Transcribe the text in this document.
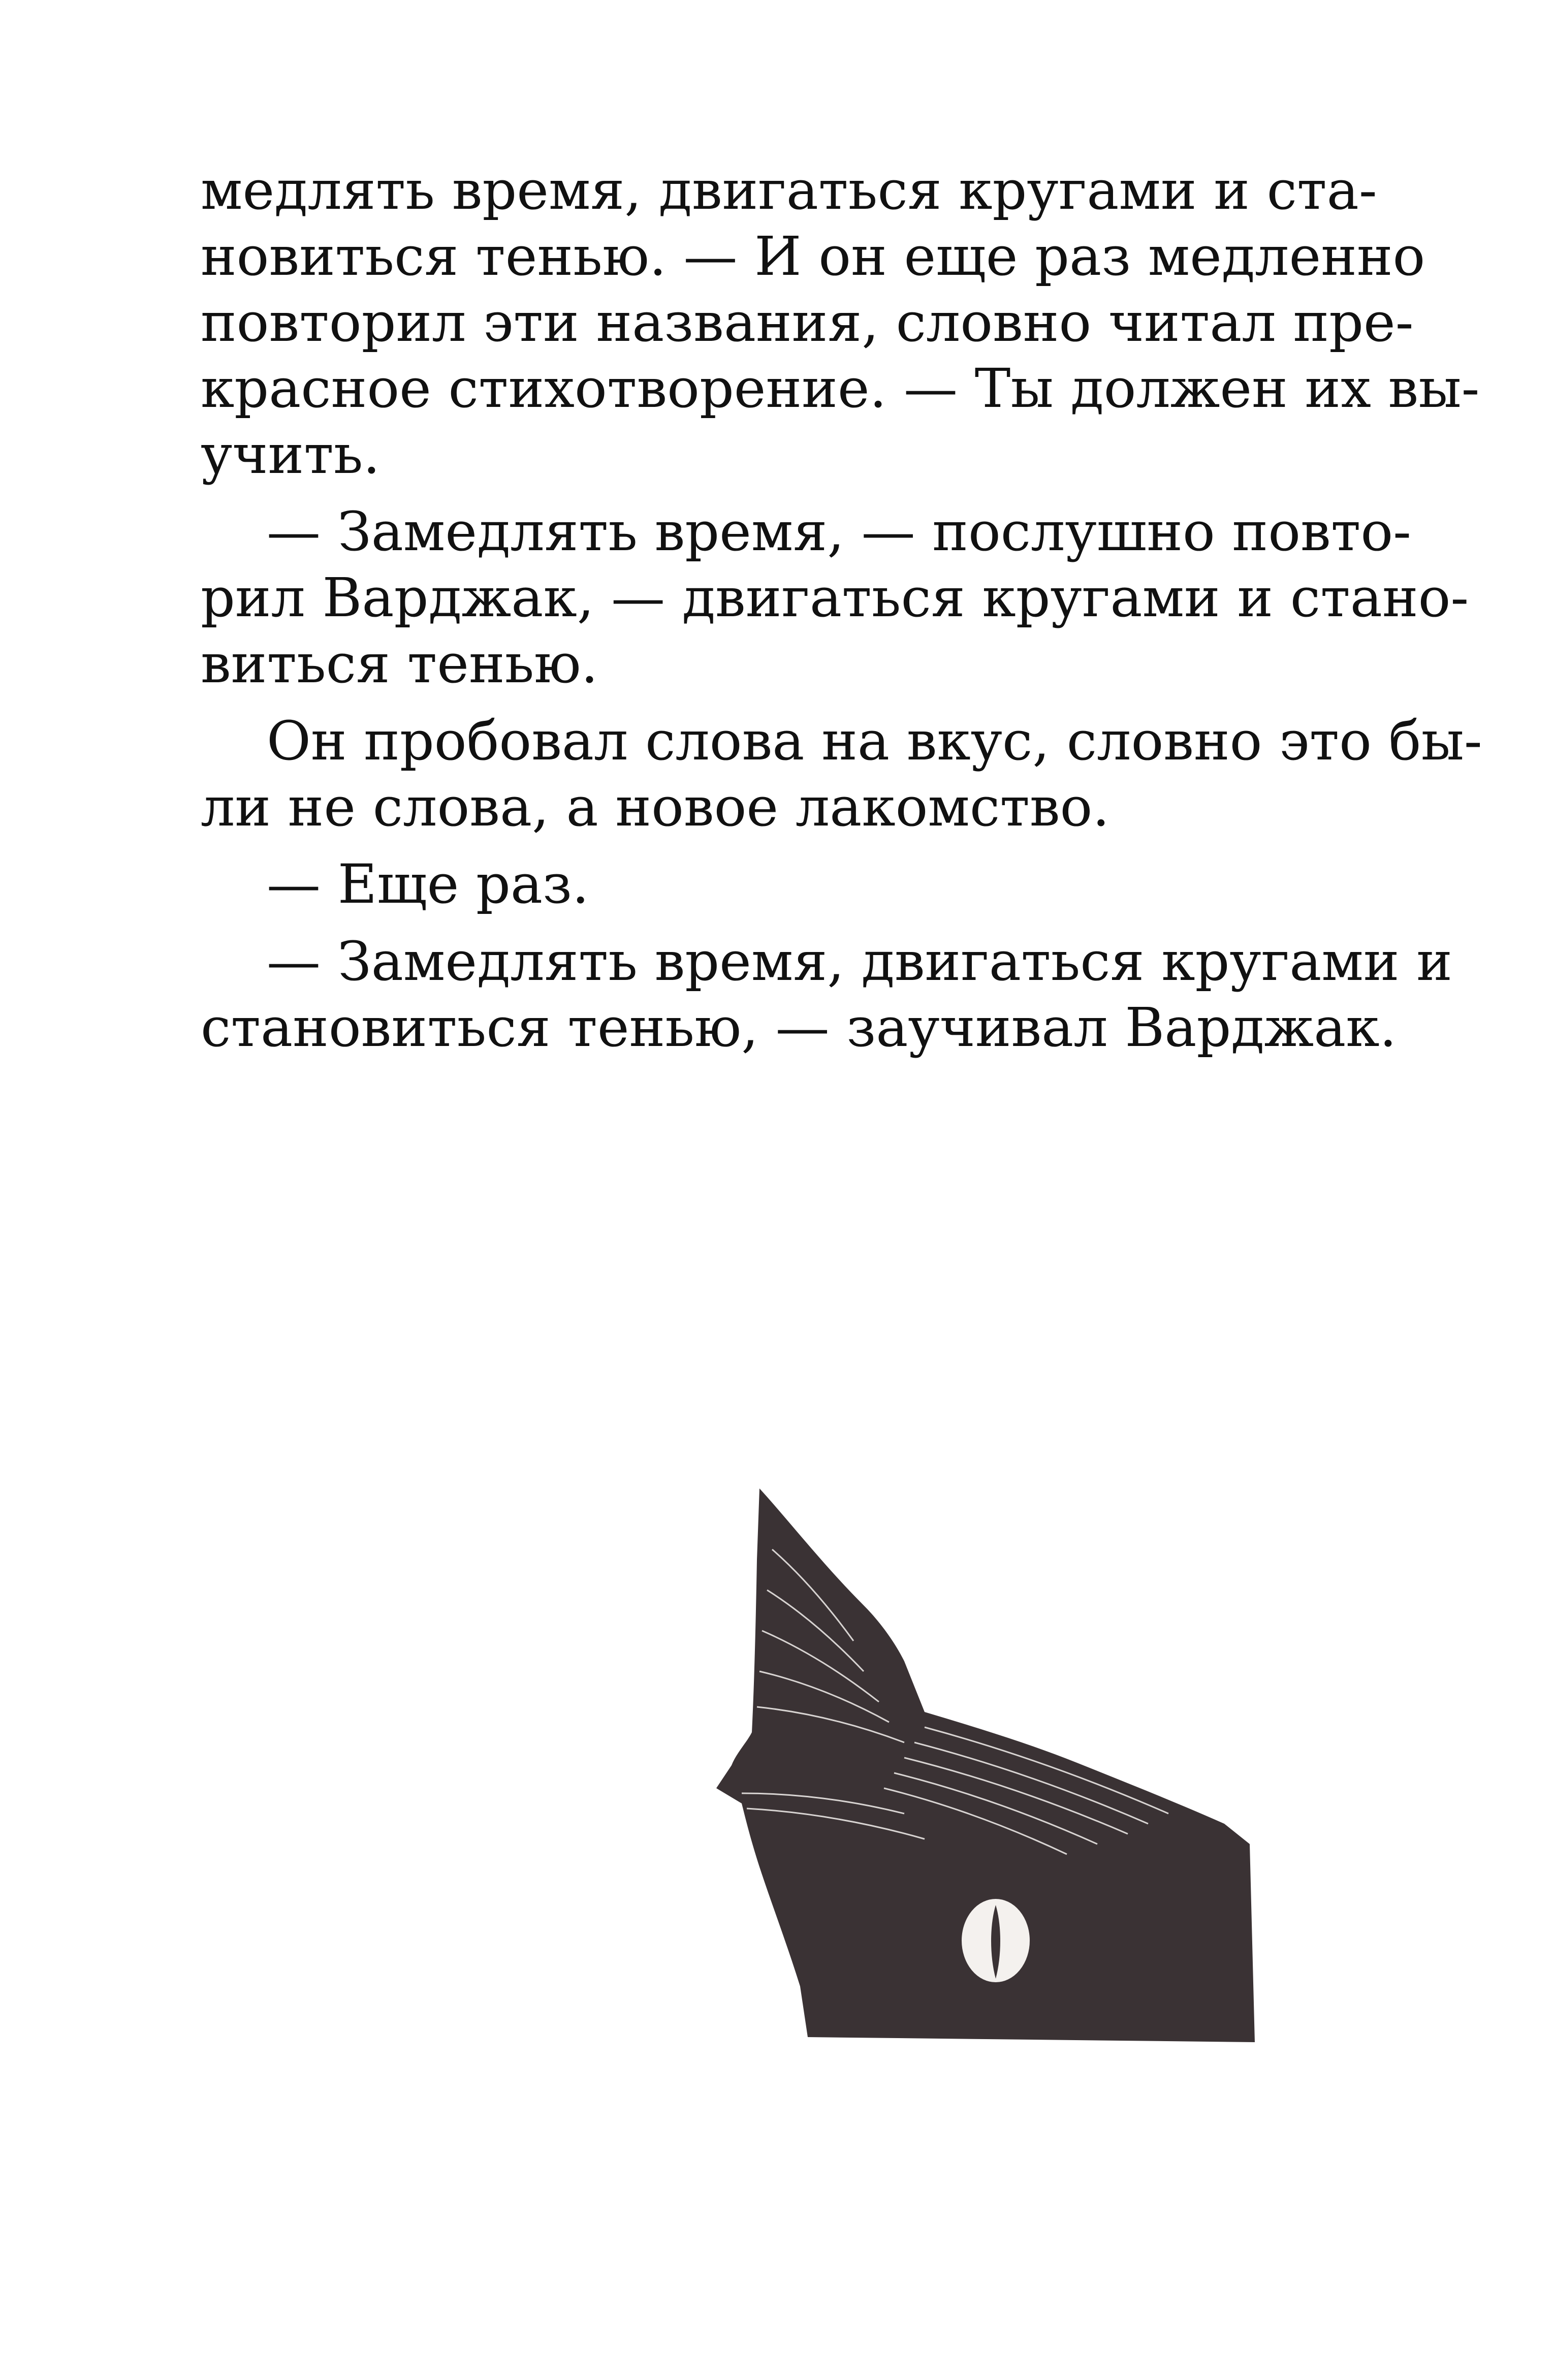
медлять время, двигаться кругами и ста-
новиться тенью. — И он еще раз медленно
повторил эти названия, словно читал пре-
красное стихотворение. — Ты должен их вы-
учить.
— Замедлять время, — послушно повто-
рил Варджак, — двигаться кругами и стано-
виться тенью.
Он пробовал слова на вкус, словно это бы-
ли не слова, а новое лакомство.
— Еще раз.
— Замедлять время, двигаться кругами и
становиться тенью, — заучивал Варджак.
